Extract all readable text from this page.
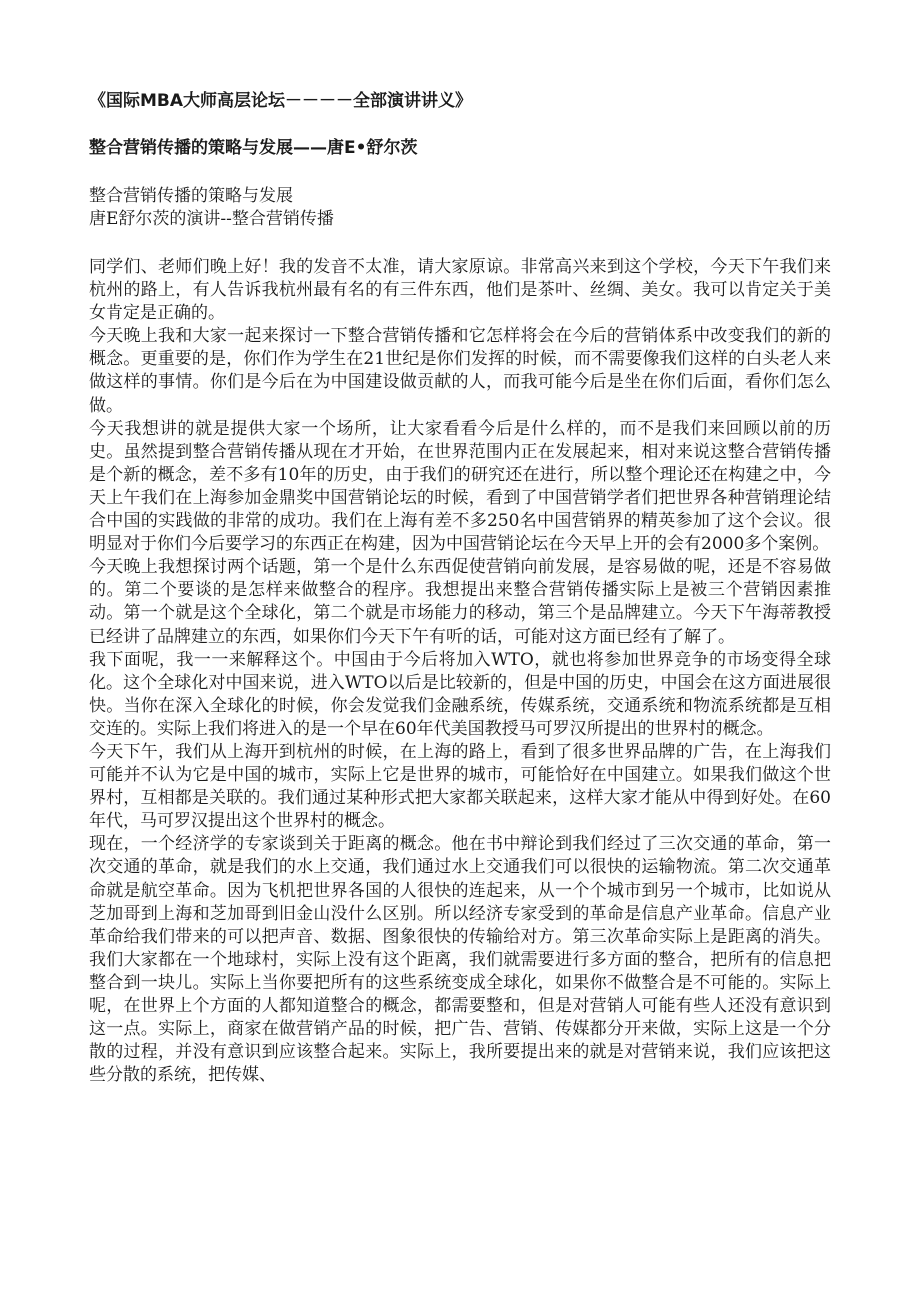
《国际MBA大师高层论坛－－－－全部演讲讲义》
整合营销传播的策略与发展——唐E•舒尔茨
整合营销传播的策略与发展
唐E舒尔茨的演讲--整合营销传播

同学们、老师们晚上好！我的发音不太准，请大家原谅。非常高兴来到这个学校，今天下午我们来杭州的路上，有人告诉我杭州最有名的有三件东西，他们是茶叶、丝绸、美女。我可以肯定关于美女肯定是正确的。

今天晚上我和大家一起来探讨一下整合营销传播和它怎样将会在今后的营销体系中改变我们的新的概念。更重要的是，你们作为学生在21世纪是你们发挥的时候，而不需要像我们这样的白头老人来做这样的事情。你们是今后在为中国建设做贡献的人，而我可能今后是坐在你们后面，看你们怎么做。

今天我想讲的就是提供大家一个场所，让大家看看今后是什么样的，而不是我们来回顾以前的历史。虽然提到整合营销传播从现在才开始，在世界范围内正在发展起来，相对来说这整合营销传播是个新的概念，差不多有10年的历史，由于我们的研究还在进行，所以整个理论还在构建之中，今天上午我们在上海参加金鼎奖中国营销论坛的时候，看到了中国营销学者们把世界各种营销理论结合中国的实践做的非常的成功。我们在上海有差不多250名中国营销界的精英参加了这个会议。很明显对于你们今后要学习的东西正在构建，因为中国营销论坛在今天早上开的会有2000多个案例。

今天晚上我想探讨两个话题，第一个是什么东西促使营销向前发展，是容易做的呢，还是不容易做的。第二个要谈的是怎样来做整合的程序。我想提出来整合营销传播实际上是被三个营销因素推动。第一个就是这个全球化，第二个就是市场能力的移动，第三个是品牌建立。今天下午海蒂教授已经讲了品牌建立的东西，如果你们今天下午有听的话，可能对这方面已经有了解了。

我下面呢，我一一来解释这个。中国由于今后将加入WTO，就也将参加世界竞争的市场变得全球化。这个全球化对中国来说，进入WTO以后是比较新的，但是中国的历史，中国会在这方面进展很快。当你在深入全球化的时候，你会发觉我们金融系统，传媒系统，交通系统和物流系统都是互相交连的。实际上我们将进入的是一个早在60年代美国教授马可罗汉所提出的世界村的概念。

今天下午，我们从上海开到杭州的时候，在上海的路上，看到了很多世界品牌的广告，在上海我们可能并不认为它是中国的城市，实际上它是世界的城市，可能恰好在中国建立。如果我们做这个世界村，互相都是关联的。我们通过某种形式把大家都关联起来，这样大家才能从中得到好处。在60年代，马可罗汉提出这个世界村的概念。

现在，一个经济学的专家谈到关于距离的概念。他在书中辩论到我们经过了三次交通的革命，第一次交通的革命，就是我们的水上交通，我们通过水上交通我们可以很快的运输物流。第二次交通革命就是航空革命。因为飞机把世界各国的人很快的连起来，从一个个城市到另一个城市，比如说从芝加哥到上海和芝加哥到旧金山没什么区别。所以经济专家受到的革命是信息产业革命。信息产业革命给我们带来的可以把声音、数据、图象很快的传输给对方。第三次革命实际上是距离的消失。我们大家都在一个地球村，实际上没有这个距离，我们就需要进行多方面的整合，把所有的信息把整合到一块儿。实际上当你要把所有的这些系统变成全球化，如果你不做整合是不可能的。实际上呢，在世界上个方面的人都知道整合的概念，都需要整和，但是对营销人可能有些人还没有意识到这一点。实际上，商家在做营销产品的时候，把广告、营销、传媒都分开来做，实际上这是一个分散的过程，并没有意识到应该整合起来。实际上，我所要提出来的就是对营销来说，我们应该把这些分散的系统，把传媒、
